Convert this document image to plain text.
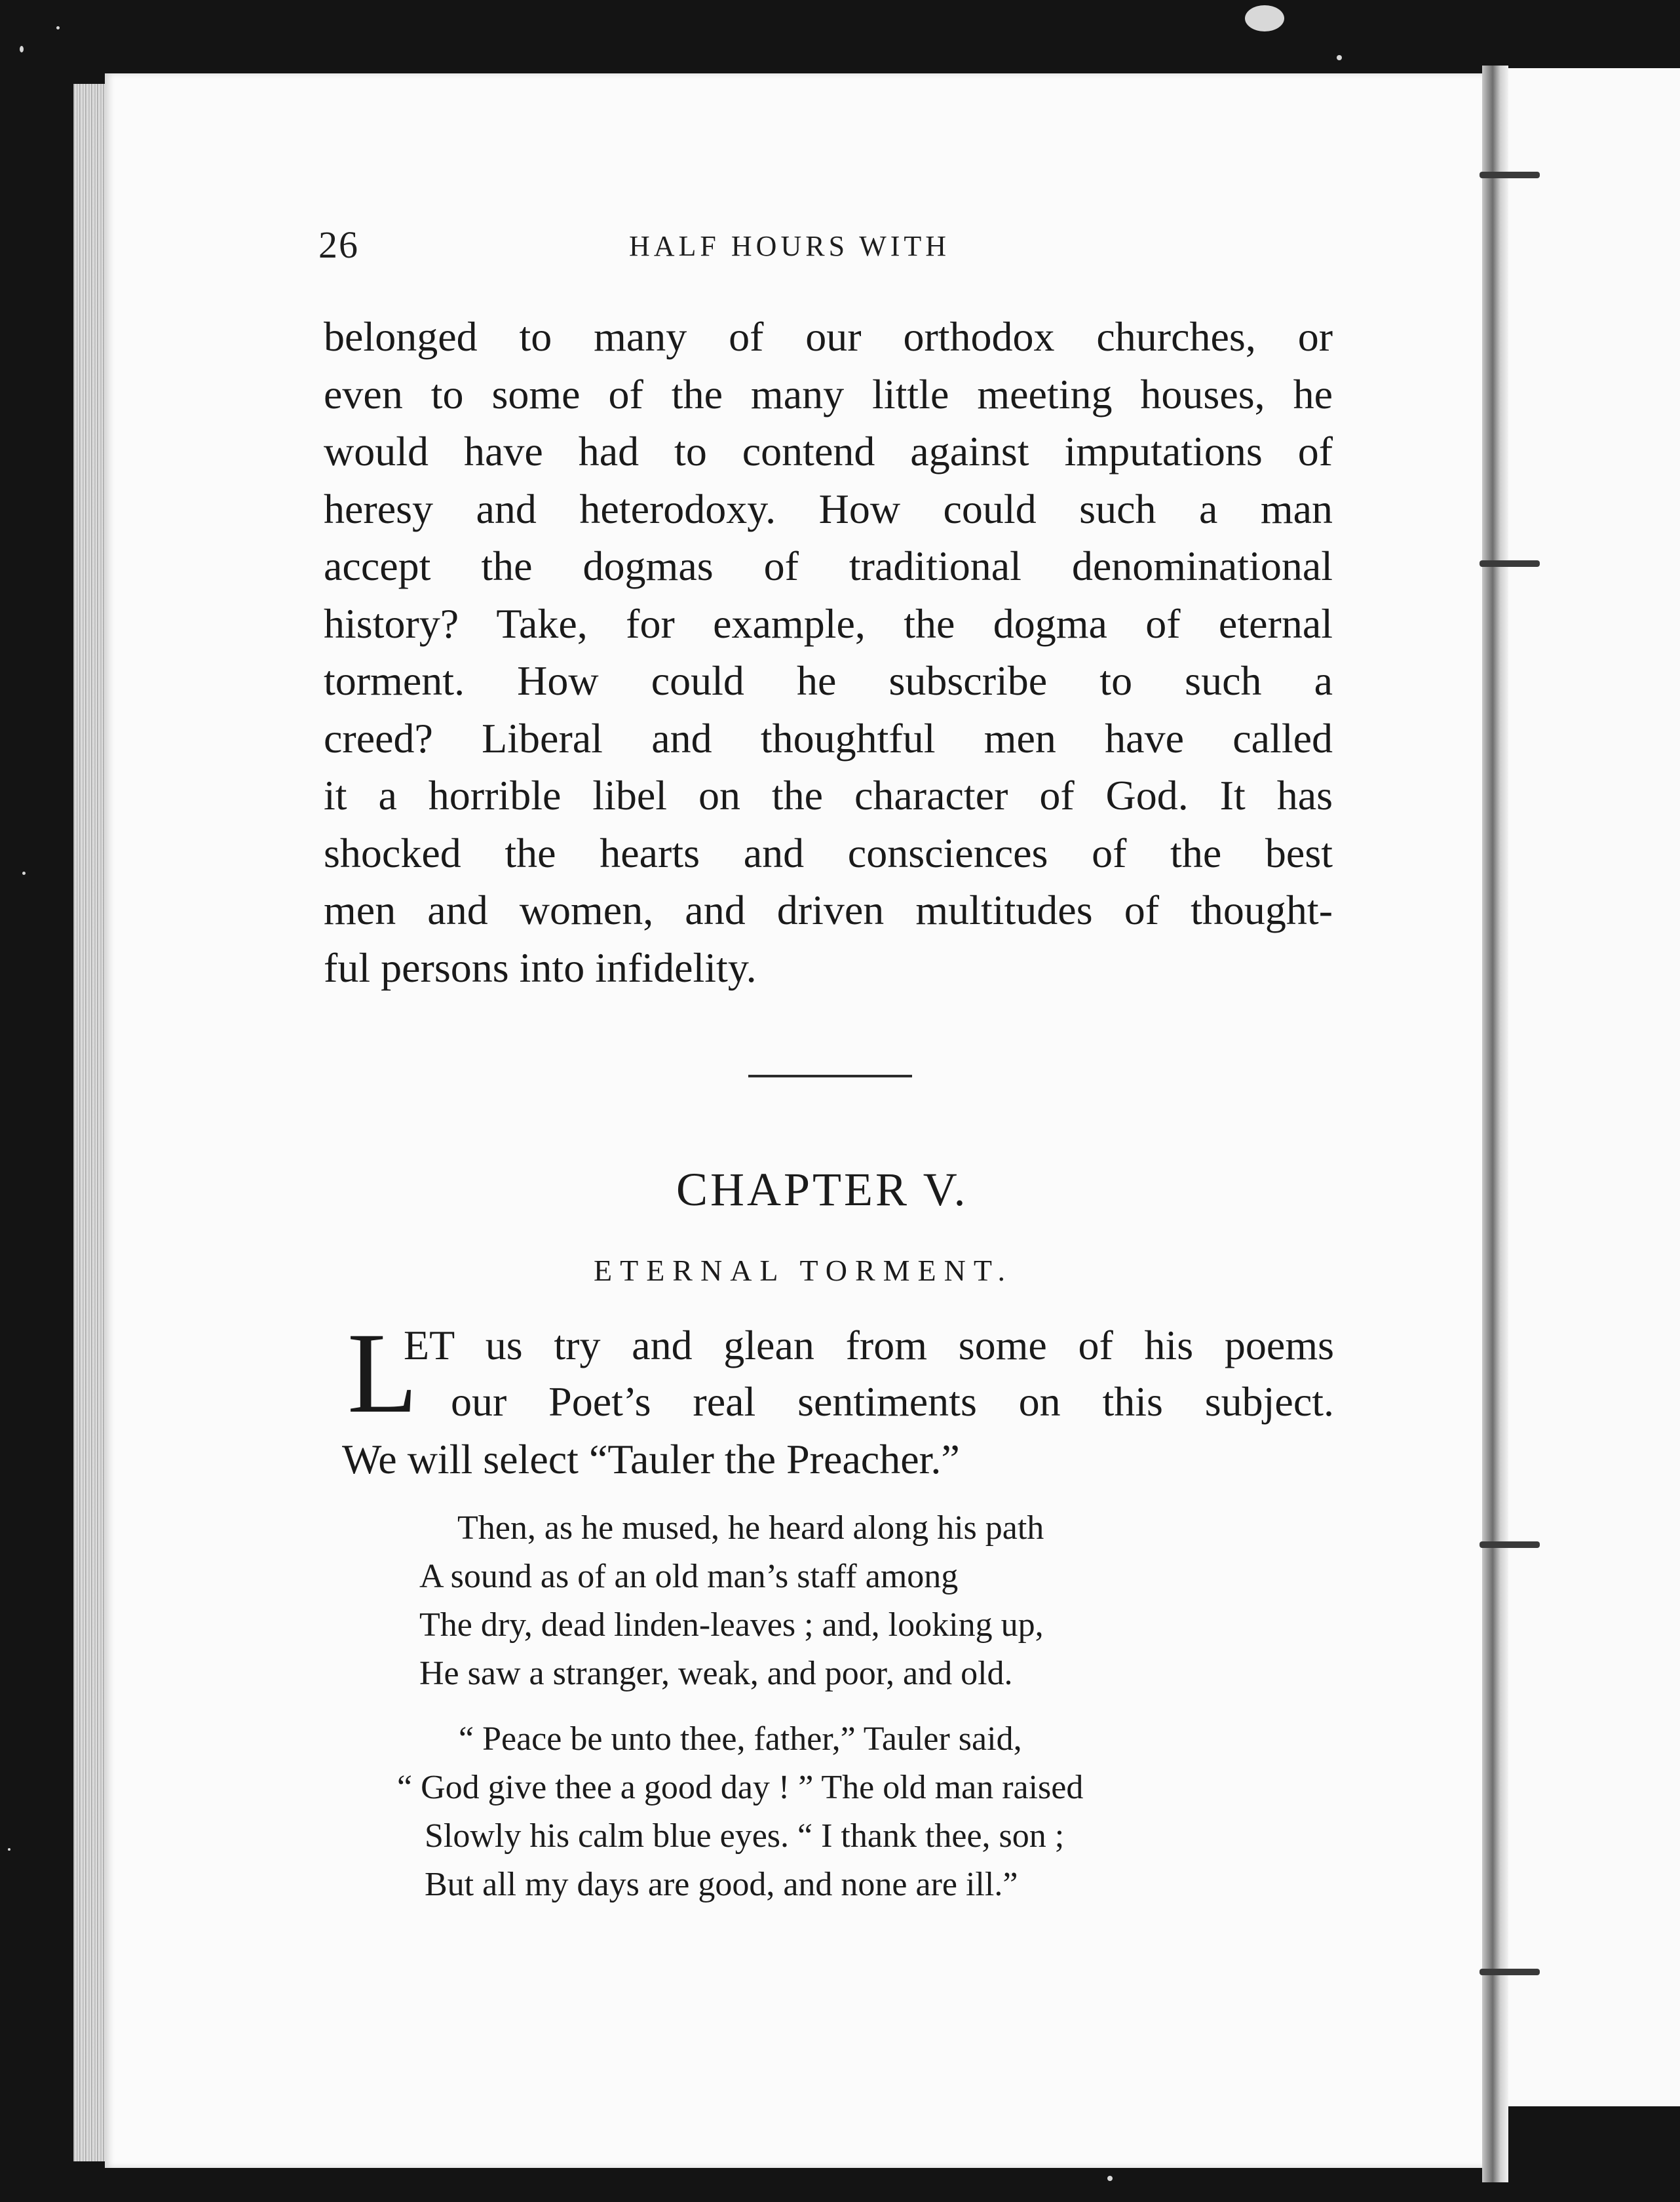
26	HALF HOURS WITH
belonged to many of our orthodox churches, or
even to some of the many little meeting houses, he
would have had to contend against imputations of
heresy and heterodoxy. How could such a man
accept the dogmas of traditional denominational
history? Take, for example, the dogma of eternal
torment. How could he subscribe to such a
creed? Liberal and thoughtful men have called
it a horrible libel on the character of God. It has
shocked the hearts and consciences of the best
men and women, and driven multitudes of thought-
ful persons into infidelity.
CHAPTER V.
ETERNAL TORMENT.
L
ET us try and glean from some of his poems
our Poet’s real sentiments on this subject.
We will select “Tauler the Preacher.”
Then, as he mused, he heard along his path
A sound as of an old man’s staff among
The dry, dead linden-leaves ; and, looking up,
He saw a stranger, weak, and poor, and old.
“ Peace be unto thee, father,” Tauler said,
“ God give thee a good day ! ” The old man raised
Slowly his calm blue eyes. “ I thank thee, son ;
But all my days are good, and none are ill.”
